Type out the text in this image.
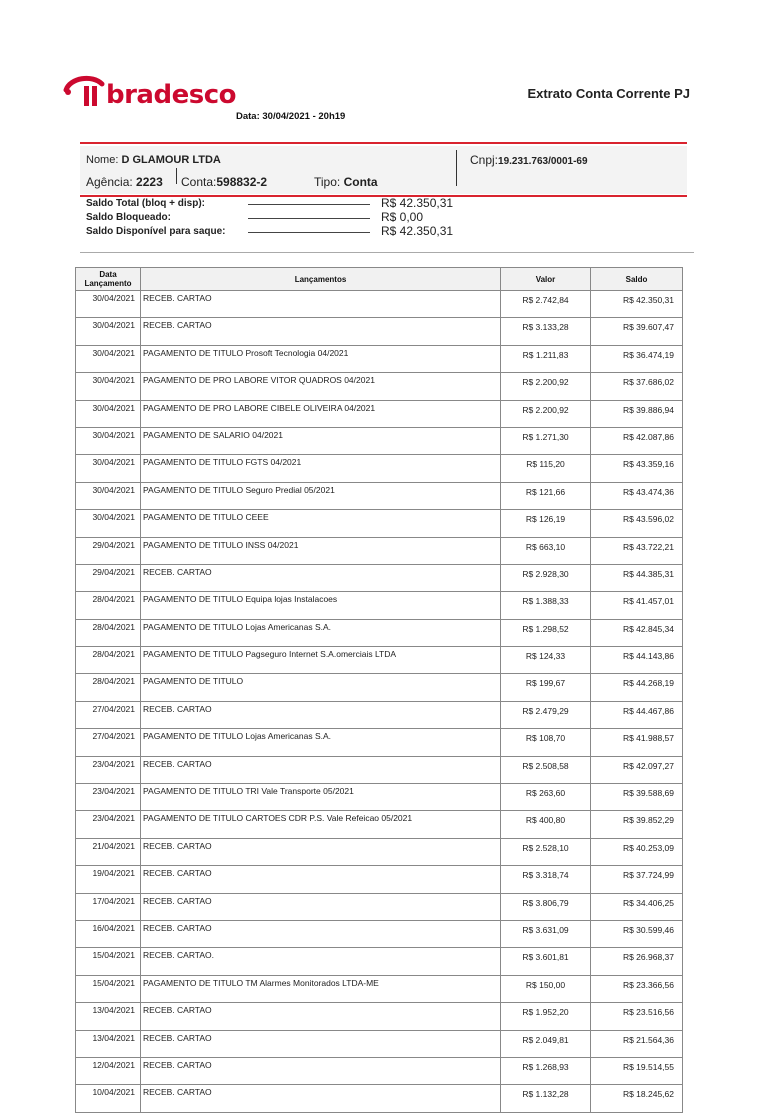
bradesco	Extrato Conta Corrente PJ
Data: 30/04/2021 - 20h19
Nome: D GLAMOUR LTDA
Agência: 2223 Conta:598832-2	Tipo: Conta
Cnpj:19.231.763/0001-69
Saldo Total (bloq + disp):	R$ 42.350,31
Saldo Bloqueado:	R$ 0,00
Saldo Disponível para saque:	R$ 42.350,31
Data Lançamento	Lançamentos	Valor	Saldo
30/04/2021	RECEB. CARTAO	R$ 2.742,84	R$ 42.350,31
30/04/2021	RECEB. CARTAO	R$ 3.133,28	R$ 39.607,47
30/04/2021	PAGAMENTO DE TITULO Prosoft Tecnologia 04/2021	R$ 1.211,83	R$ 36.474,19
30/04/2021	PAGAMENTO DE PRO LABORE VITOR QUADROS 04/2021	R$ 2.200,92	R$ 37.686,02
30/04/2021	PAGAMENTO DE PRO LABORE CIBELE OLIVEIRA 04/2021	R$ 2.200,92	R$ 39.886,94
30/04/2021	PAGAMENTO DE SALARIO 04/2021	R$ 1.271,30	R$ 42.087,86
30/04/2021	PAGAMENTO DE TITULO FGTS 04/2021	R$ 115,20	R$ 43.359,16
30/04/2021	PAGAMENTO DE TITULO Seguro Predial 05/2021	R$ 121,66	R$ 43.474,36
30/04/2021	PAGAMENTO DE TITULO CEEE	R$ 126,19	R$ 43.596,02
29/04/2021	PAGAMENTO DE TITULO INSS 04/2021	R$ 663,10	R$ 43.722,21
29/04/2021	RECEB. CARTAO	R$ 2.928,30	R$ 44.385,31
28/04/2021	PAGAMENTO DE TITULO Equipa lojas Instalacoes	R$ 1.388,33	R$ 41.457,01
28/04/2021	PAGAMENTO DE TITULO Lojas Americanas S.A.	R$ 1.298,52	R$ 42.845,34
28/04/2021	PAGAMENTO DE TITULO Pagseguro Internet S.A.omerciais LTDA	R$ 124,33	R$ 44.143,86
28/04/2021	PAGAMENTO DE TITULO	R$ 199,67	R$ 44.268,19
27/04/2021	RECEB. CARTAO	R$ 2.479,29	R$ 44.467,86
27/04/2021	PAGAMENTO DE TITULO Lojas Americanas S.A.	R$ 108,70	R$ 41.988,57
23/04/2021	RECEB. CARTAO	R$ 2.508,58	R$ 42.097,27
23/04/2021	PAGAMENTO DE TITULO TRI Vale Transporte 05/2021	R$ 263,60	R$ 39.588,69
23/04/2021	PAGAMENTO DE TITULO CARTOES CDR P.S. Vale Refeicao 05/2021	R$ 400,80	R$ 39.852,29
21/04/2021	RECEB. CARTAO	R$ 2.528,10	R$ 40.253,09
19/04/2021	RECEB. CARTAO	R$ 3.318,74	R$ 37.724,99
17/04/2021	RECEB. CARTAO	R$ 3.806,79	R$ 34.406,25
16/04/2021	RECEB. CARTAO	R$ 3.631,09	R$ 30.599,46
15/04/2021	RECEB. CARTAO.	R$ 3.601,81	R$ 26.968,37
15/04/2021	PAGAMENTO DE TITULO TM Alarmes Monitorados LTDA-ME	R$ 150,00	R$ 23.366,56
13/04/2021	RECEB. CARTAO	R$ 1.952,20	R$ 23.516,56
13/04/2021	RECEB. CARTAO	R$ 2.049,81	R$ 21.564,36
12/04/2021	RECEB. CARTAO	R$ 1.268,93	R$ 19.514,55
10/04/2021	RECEB. CARTAO	R$ 1.132,28	R$ 18.245,62
